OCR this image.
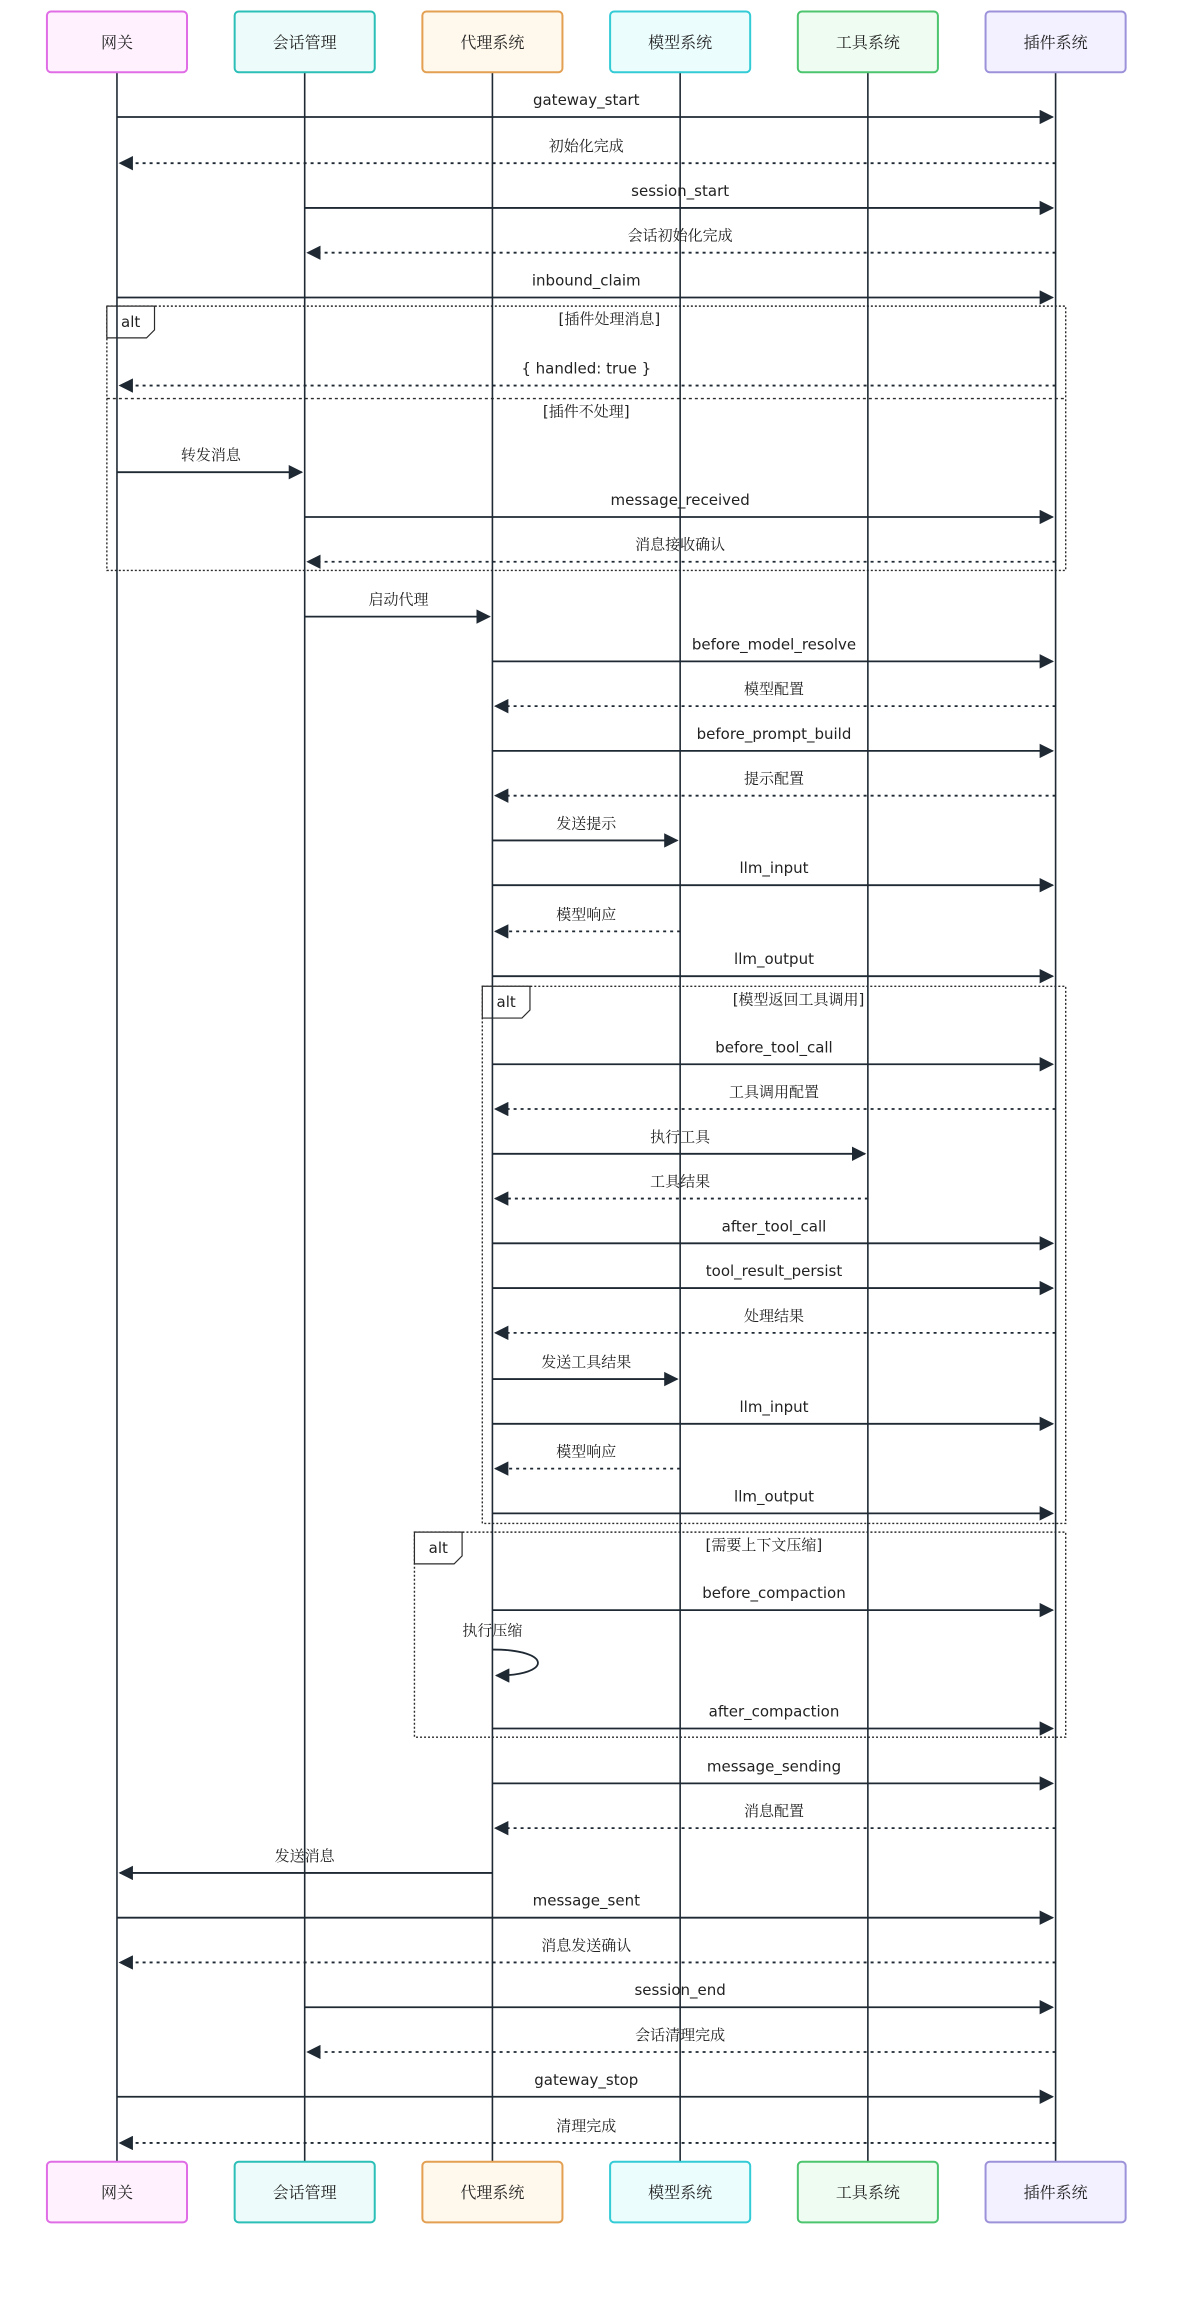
alt	[插件处理消息]
[插件不处理]
alt	[模型返回工具调用]
alt	[需要上下文压缩]
gateway_start
初始化完成
session_start
会话初始化完成
inbound_claim
{ handled: true }
转发消息
message_received
消息接收确认
启动代理
before_model_resolve
模型配置
before_prompt_build
提示配置
发送提示
llm_input
模型响应
llm_output
before_tool_call
工具调用配置
执行工具
工具结果
after_tool_call
tool_result_persist
处理结果
发送工具结果
llm_input
模型响应
llm_output
before_compaction
执行压缩
after_compaction
message_sending
消息配置
发送消息
message_sent
消息发送确认
session_end
会话清理完成
gateway_stop
清理完成
网关
网关
会话管理
会话管理
代理系统
代理系统
模型系统
模型系统
工具系统
工具系统
插件系统
插件系统
